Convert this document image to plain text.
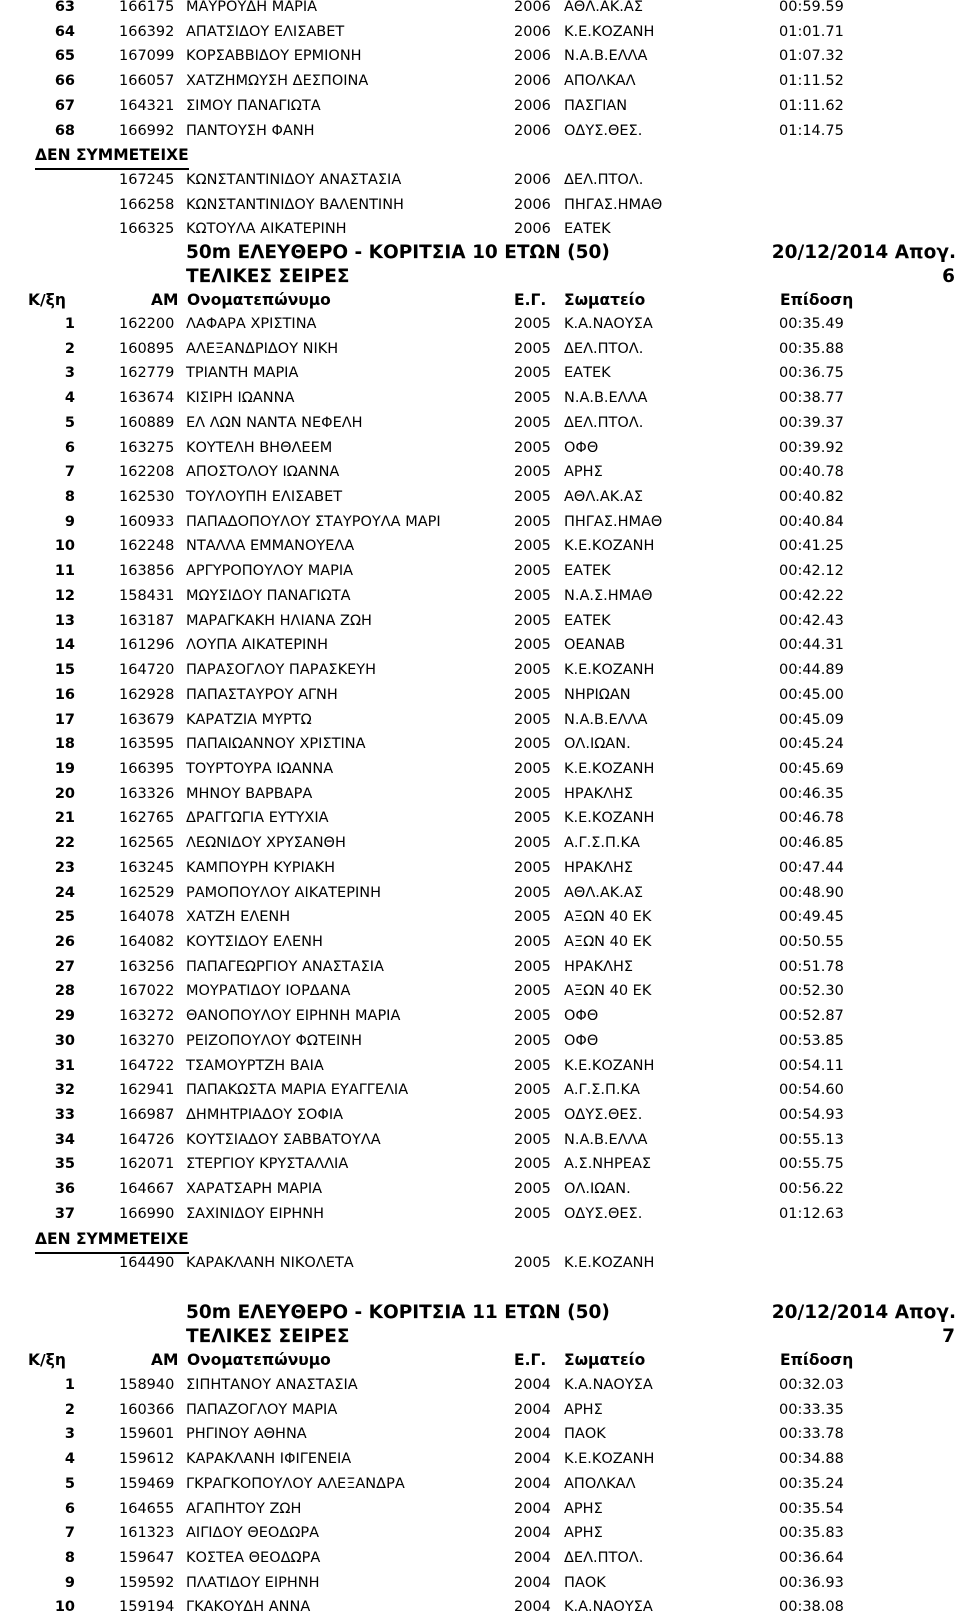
63	166175 ΜΑΥΡΟΥΔΗ ΜΑΡΙΑ	2006 ΑΘΛ.ΑΚ.ΑΣ	00:59.59
64	166392 ΑΠΑΤΣΙΔΟΥ ΕΛΙΣΑΒΕΤ	2006 Κ.Ε.ΚΟΖΑΝΗ	01:01.71
65	167099 ΚΟΡΣΑΒΒΙΔΟΥ ΕΡΜΙΟΝΗ	2006 Ν.Α.Β.ΕΛΛΑ	01:07.32
66	166057 ΧΑΤΖΗΜΩΥΣΗ ΔΕΣΠΟΙΝΑ	2006 ΑΠΟΛΚΑΛ	01:11.52
67	164321 ΣΙΜΟΥ ΠΑΝΑΓΙΩΤΑ	2006 ΠΑΣΓΙΑΝ	01:11.62
68	166992 ΠΑΝΤΟΥΣΗ ΦΑΝΗ	2006 ΟΔΥΣ.ΘΕΣ.	01:14.75
ΔΕΝ ΣΥΜΜΕΤΕΙΧΕ
167245 ΚΩΝΣΤΑΝΤΙΝΙΔΟΥ ΑΝΑΣΤΑΣΙΑ	2006 ΔΕΛ.ΠΤΟΛ.
166258 ΚΩΝΣΤΑΝΤΙΝΙΔΟΥ ΒΑΛΕΝΤΙΝΗ	2006 ΠΗΓΑΣ.ΗΜΑΘ
166325 ΚΩΤΟΥΛΑ ΑΙΚΑΤΕΡΙΝΗ	2006 ΕΑΤΕΚ
50m ΕΛΕΥΘΕΡΟ - ΚΟΡΙΤΣΙΑ 10 ΕΤΩΝ (50)	20/12/2014 Απογ.
ΤΕΛΙΚΕΣ ΣΕΙΡΕΣ	6
Κ/ξη	ΑΜ Ονοματεπώνυμο	Ε.Γ. Σωματείο	Επίδοση
1	162200 ΛΑΦΑΡΑ ΧΡΙΣΤΙΝΑ	2005 Κ.Α.ΝΑΟΥΣΑ	00:35.49
2	160895 ΑΛΕΞΑΝΔΡΙΔΟΥ ΝΙΚΗ	2005 ΔΕΛ.ΠΤΟΛ.	00:35.88
3	162779 ΤΡΙΑΝΤΗ ΜΑΡΙΑ	2005 ΕΑΤΕΚ	00:36.75
4	163674 ΚΙΣΙΡΗ ΙΩΑΝΝΑ	2005 Ν.Α.Β.ΕΛΛΑ	00:38.77
5	160889 ΕΛ ΛΩΝ ΝΑΝΤΑ ΝΕΦΕΛΗ	2005 ΔΕΛ.ΠΤΟΛ.	00:39.37
6	163275 ΚΟΥΤΕΛΗ ΒΗΘΛΕΕΜ	2005 ΟΦΘ	00:39.92
7	162208 ΑΠΟΣΤΟΛΟΥ ΙΩΑΝΝΑ	2005 ΑΡΗΣ	00:40.78
8	162530 ΤΟΥΛΟΥΠΗ ΕΛΙΣΑΒΕΤ	2005 ΑΘΛ.ΑΚ.ΑΣ	00:40.82
9	160933 ΠΑΠΑΔΟΠΟΥΛΟΥ ΣΤΑΥΡΟΥΛΑ ΜΑΡΙ	2005 ΠΗΓΑΣ.ΗΜΑΘ	00:40.84
10	162248 ΝΤΑΛΛΑ ΕΜΜΑΝΟΥΕΛΑ	2005 Κ.Ε.ΚΟΖΑΝΗ	00:41.25
11	163856 ΑΡΓΥΡΟΠΟΥΛΟΥ ΜΑΡΙΑ	2005 ΕΑΤΕΚ	00:42.12
12	158431 ΜΩΥΣΙΔΟΥ ΠΑΝΑΓΙΩΤΑ	2005 Ν.Α.Σ.ΗΜΑΘ	00:42.22
13	163187 ΜΑΡΑΓΚΑΚΗ ΗΛΙΑΝΑ ΖΩΗ	2005 ΕΑΤΕΚ	00:42.43
14	161296 ΛΟΥΠΑ ΑΙΚΑΤΕΡΙΝΗ	2005 ΟΕΑΝΑΒ	00:44.31
15	164720 ΠΑΡΑΣΟΓΛΟΥ ΠΑΡΑΣΚΕΥΗ	2005 Κ.Ε.ΚΟΖΑΝΗ	00:44.89
16	162928 ΠΑΠΑΣΤΑΥΡΟΥ ΑΓΝΗ	2005 ΝΗΡΙΩΑΝ	00:45.00
17	163679 ΚΑΡΑΤΖΙΑ ΜΥΡΤΩ	2005 Ν.Α.Β.ΕΛΛΑ	00:45.09
18	163595 ΠΑΠΑΙΩΑΝΝΟΥ ΧΡΙΣΤΙΝΑ	2005 ΟΛ.ΙΩΑΝ.	00:45.24
19	166395 ΤΟΥΡΤΟΥΡΑ ΙΩΑΝΝΑ	2005 Κ.Ε.ΚΟΖΑΝΗ	00:45.69
20	163326 ΜΗΝΟΥ ΒΑΡΒΑΡΑ	2005 ΗΡΑΚΛΗΣ	00:46.35
21	162765 ΔΡΑΓΓΩΓΙΑ ΕΥΤΥΧΙΑ	2005 Κ.Ε.ΚΟΖΑΝΗ	00:46.78
22	162565 ΛΕΩΝΙΔΟΥ ΧΡΥΣΑΝΘΗ	2005 Α.Γ.Σ.Π.ΚΑ	00:46.85
23	163245 ΚΑΜΠΟΥΡΗ ΚΥΡΙΑΚΗ	2005 ΗΡΑΚΛΗΣ	00:47.44
24	162529 ΡΑΜΟΠΟΥΛΟΥ ΑΙΚΑΤΕΡΙΝΗ	2005 ΑΘΛ.ΑΚ.ΑΣ	00:48.90
25	164078 ΧΑΤΖΗ ΕΛΕΝΗ	2005 ΑΞΩΝ 40 ΕΚ	00:49.45
26	164082 ΚΟΥΤΣΙΔΟΥ ΕΛΕΝΗ	2005 ΑΞΩΝ 40 ΕΚ	00:50.55
27	163256 ΠΑΠΑΓΕΩΡΓΙΟΥ ΑΝΑΣΤΑΣΙΑ	2005 ΗΡΑΚΛΗΣ	00:51.78
28	167022 ΜΟΥΡΑΤΙΔΟΥ ΙΟΡΔΑΝΑ	2005 ΑΞΩΝ 40 ΕΚ	00:52.30
29	163272 ΘΑΝΟΠΟΥΛΟΥ ΕΙΡΗΝΗ ΜΑΡΙΑ	2005 ΟΦΘ	00:52.87
30	163270 ΡΕΙΖΟΠΟΥΛΟΥ ΦΩΤΕΙΝΗ	2005 ΟΦΘ	00:53.85
31	164722 ΤΣΑΜΟΥΡΤΖΗ ΒΑΙΑ	2005 Κ.Ε.ΚΟΖΑΝΗ	00:54.11
32	162941 ΠΑΠΑΚΩΣΤΑ ΜΑΡΙΑ ΕΥΑΓΓΕΛΙΑ	2005 Α.Γ.Σ.Π.ΚΑ	00:54.60
33	166987 ΔΗΜΗΤΡΙΑΔΟΥ ΣΟΦΙΑ	2005 ΟΔΥΣ.ΘΕΣ.	00:54.93
34	164726 ΚΟΥΤΣΙΑΔΟΥ ΣΑΒΒΑΤΟΥΛΑ	2005 Ν.Α.Β.ΕΛΛΑ	00:55.13
35	162071 ΣΤΕΡΓΙΟΥ ΚΡΥΣΤΑΛΛΙΑ	2005 Α.Σ.ΝΗΡΕΑΣ	00:55.75
36	164667 ΧΑΡΑΤΣΑΡΗ ΜΑΡΙΑ	2005 ΟΛ.ΙΩΑΝ.	00:56.22
37	166990 ΣΑΧΙΝΙΔΟΥ ΕΙΡΗΝΗ	2005 ΟΔΥΣ.ΘΕΣ.	01:12.63
ΔΕΝ ΣΥΜΜΕΤΕΙΧΕ
164490 ΚΑΡΑΚΛΑΝΗ ΝΙΚΟΛΕΤΑ	2005 Κ.Ε.ΚΟΖΑΝΗ
50m ΕΛΕΥΘΕΡΟ - ΚΟΡΙΤΣΙΑ 11 ΕΤΩΝ (50)	20/12/2014 Απογ.
ΤΕΛΙΚΕΣ ΣΕΙΡΕΣ	7
Κ/ξη	ΑΜ Ονοματεπώνυμο	Ε.Γ. Σωματείο	Επίδοση
1	158940 ΣΙΠΗΤΑΝΟΥ ΑΝΑΣΤΑΣΙΑ	2004 Κ.Α.ΝΑΟΥΣΑ	00:32.03
2	160366 ΠΑΠΑΖΟΓΛΟΥ ΜΑΡΙΑ	2004 ΑΡΗΣ	00:33.35
3	159601 ΡΗΓΙΝΟΥ ΑΘΗΝΑ	2004 ΠΑΟΚ	00:33.78
4	159612 ΚΑΡΑΚΛΑΝΗ ΙΦΙΓΕΝΕΙΑ	2004 Κ.Ε.ΚΟΖΑΝΗ	00:34.88
5	159469 ΓΚΡΑΓΚΟΠΟΥΛΟΥ ΑΛΕΞΑΝΔΡΑ	2004 ΑΠΟΛΚΑΛ	00:35.24
6	164655 ΑΓΑΠΗΤΟΥ ΖΩΗ	2004 ΑΡΗΣ	00:35.54
7	161323 ΑΙΓΙΔΟΥ ΘΕΟΔΩΡΑ	2004 ΑΡΗΣ	00:35.83
8	159647 ΚΟΣΤΕΑ ΘΕΟΔΩΡΑ	2004 ΔΕΛ.ΠΤΟΛ.	00:36.64
9	159592 ΠΛΑΤΙΔΟΥ ΕΙΡΗΝΗ	2004 ΠΑΟΚ	00:36.93
10	159194 ΓΚΑΚΟΥΔΗ ΑΝΝΑ	2004 Κ.Α.ΝΑΟΥΣΑ	00:38.08
